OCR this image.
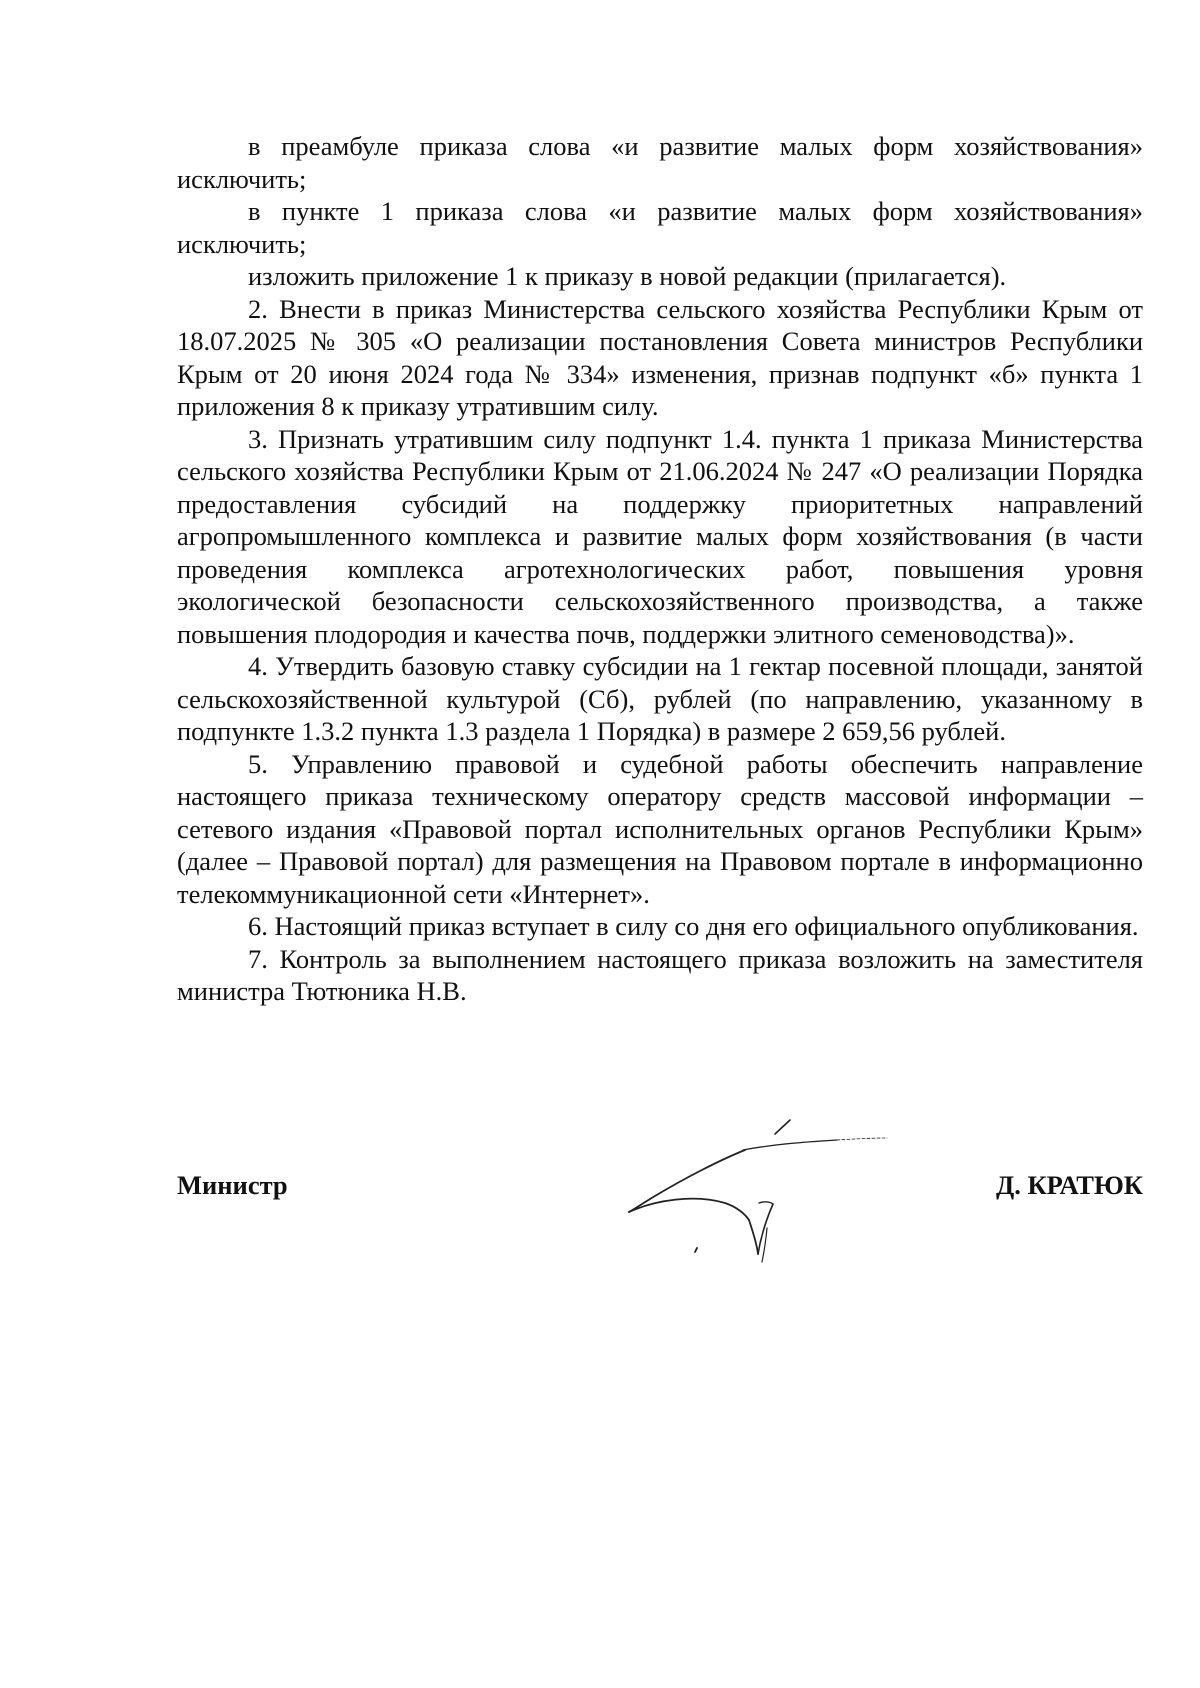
в преамбуле приказа слова «и развитие малых форм хозяйствования» исключить;

в пункте 1 приказа слова «и развитие малых форм хозяйствования» исключить;

изложить приложение 1 к приказу в новой редакции (прилагается).

2. Внести в приказ Министерства сельского хозяйства Республики Крым от 18.07.2025 № 305 «О реализации постановления Совета министров Республики Крым от 20 июня 2024 года № 334» изменения, признав подпункт «б» пункта 1 приложения 8 к приказу утратившим силу.

3. Признать утратившим силу подпункт 1.4. пункта 1 приказа Министерства сельского хозяйства Республики Крым от 21.06.2024 № 247 «О реализации Порядка предоставления субсидий на поддержку приоритетных направлений агропромышленного комплекса и развитие малых форм хозяйствования (в части проведения комплекса агротехнологических работ, повышения уровня экологической безопасности сельскохозяйственного производства, а также повышения плодородия и качества почв, поддержки элитного семеноводства)».

4. Утвердить базовую ставку субсидии на 1 гектар посевной площади, занятой сельскохозяйственной культурой (Сб), рублей (по направлению, указанному в подпункте 1.3.2 пункта 1.3 раздела 1 Порядка) в размере 2 659,56 рублей.

5. Управлению правовой и судебной работы обеспечить направление настоящего приказа техническому оператору средств массовой информации – сетевого издания «Правовой портал исполнительных органов Республики Крым» (далее – Правовой портал) для размещения на Правовом портале в информационно телекоммуникационной сети «Интернет».

6. Настоящий приказ вступает в силу со дня его официального опубликования.

7. Контроль за выполнением настоящего приказа возложить на заместителя министра Тютюника Н.В.

Министр	Д. КРАТЮК
